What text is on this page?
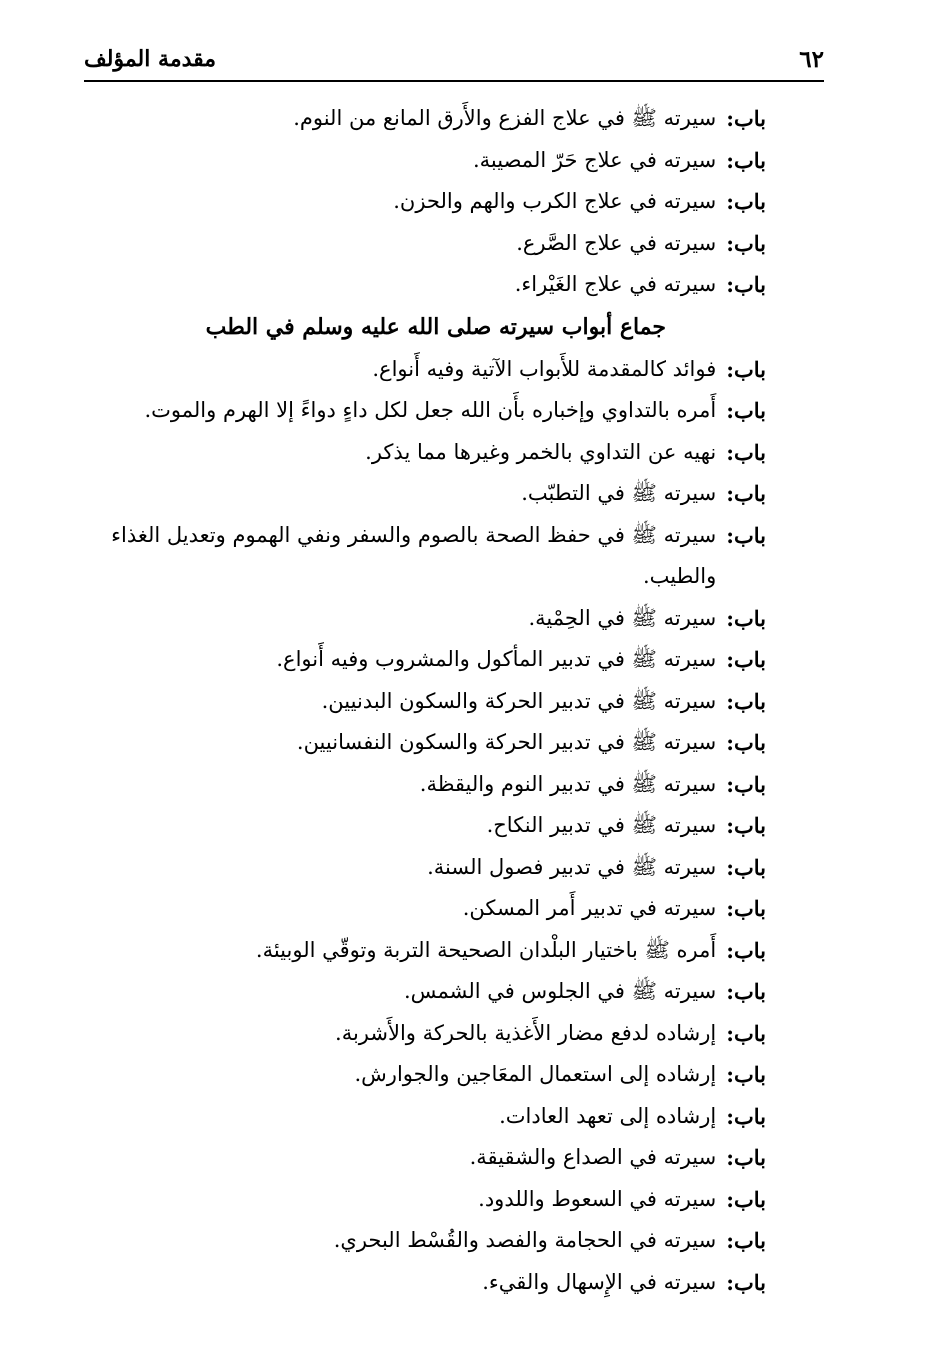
٦٢
مقدمة المؤلف
باب:
سيرته ﷺ في علاج الفزع والأَرق المانع من النوم.
باب:
سيرته في علاج حَرّ المصيبة.
باب:
سيرته في علاج الكرب والهم والحزن.
باب:
سيرته في علاج الصَّرع.
باب:
سيرته في علاج الغَيْراء.
جماع أبواب سيرته صلى الله عليه وسلم في الطب
باب:
فوائد كالمقدمة للأَبواب الآتية وفيه أَنواع.
باب:
أَمره بالتداوي وإخباره بأَن الله جعل لكل داءٍ دواءً إلا الهرم والموت.
باب:
نهيه عن التداوي بالخمر وغيرها مما يذكر.
باب:
سيرته ﷺ في التطبّب.
باب:
سيرته ﷺ في حفظ الصحة بالصوم والسفر ونفي الهموم وتعديل الغذاء والطيب.
باب:
سيرته ﷺ في الحِمْية.
باب:
سيرته ﷺ في تدبير المأكول والمشروب وفيه أَنواع.
باب:
سيرته ﷺ في تدبير الحركة والسكون البدنيين.
باب:
سيرته ﷺ في تدبير الحركة والسكون النفسانيين.
باب:
سيرته ﷺ في تدبير النوم واليقظة.
باب:
سيرته ﷺ في تدبير النكاح.
باب:
سيرته ﷺ في تدبير فصول السنة.
باب:
سيرته في تدبير أَمر المسكن.
باب:
أَمره ﷺ باختيار البلْدان الصحيحة التربة وتوقّي الوبيئة.
باب:
سيرته ﷺ في الجلوس في الشمس.
باب:
إرشاده لدفع مضار الأَغذية بالحركة والأَشربة.
باب:
إرشاده إلى استعمال المعَاجين والجوارش.
باب:
إرشاده إلى تعهد العادات.
باب:
سيرته في الصداع والشقيقة.
باب:
سيرته في السعوط واللدود.
باب:
سيرته في الحجامة والفصد والقُسْط البحري.
باب:
سيرته في الإِسهال والقيء.
